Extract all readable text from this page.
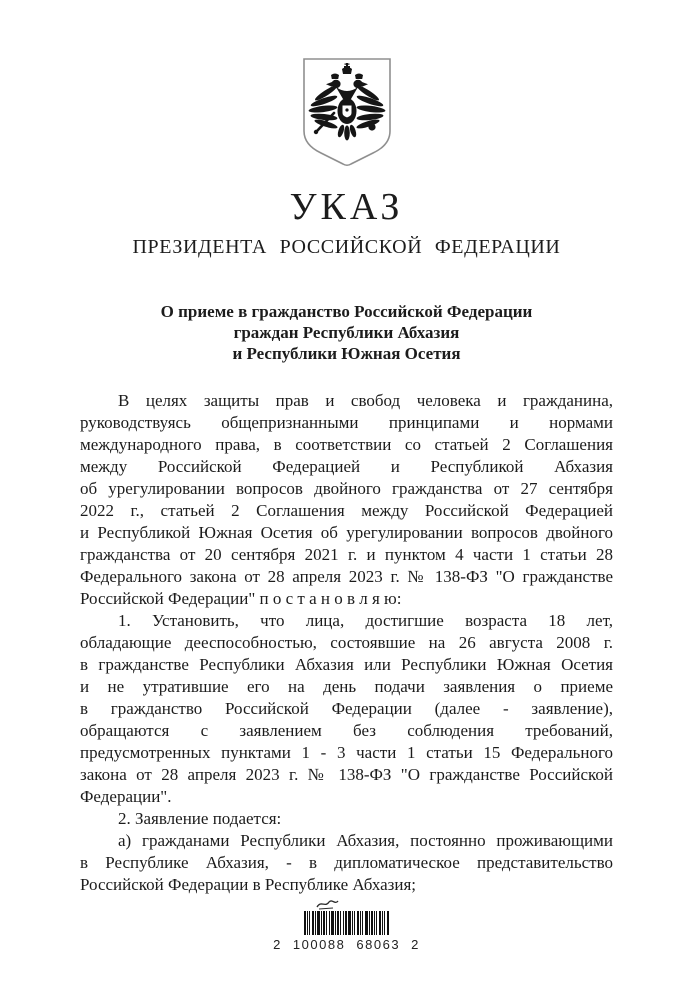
УКАЗ
ПРЕЗИДЕНТА РОССИЙСКОЙ ФЕДЕРАЦИИ
О приеме в гражданство Российской Федерации
граждан Республики Абхазия
и Республики Южная Осетия
В целях защиты прав и свобод человека и гражданина,
руководствуясь общепризнанными принципами и нормами
международного права, в соответствии со статьей 2 Соглашения
между Российской Федерацией и Республикой Абхазия
об урегулировании вопросов двойного гражданства от 27 сентября
2022 г., статьей 2 Соглашения между Российской Федерацией
и Республикой Южная Осетия об урегулировании вопросов двойного
гражданства от 20 сентября 2021 г. и пунктом 4 части 1 статьи 28
Федерального закона от 28 апреля 2023 г. № 138-ФЗ "О гражданстве
Российской Федерации" п о с т а н о в л я ю:
1. Установить, что лица, достигшие возраста 18 лет,
обладающие дееспособностью, состоявшие на 26 августа 2008 г.
в гражданстве Республики Абхазия или Республики Южная Осетия
и не утратившие его на день подачи заявления о приеме
в гражданство Российской Федерации (далее - заявление),
обращаются с заявлением без соблюдения требований,
предусмотренных пунктами 1 - 3 части 1 статьи 15 Федерального
закона от 28 апреля 2023 г. № 138-ФЗ "О гражданстве Российской
Федерации".
2. Заявление подается:
а) гражданами Республики Абхазия, постоянно проживающими
в Республике Абхазия, - в дипломатическое представительство
Российской Федерации в Республике Абхазия;
2 100088 68063 2
